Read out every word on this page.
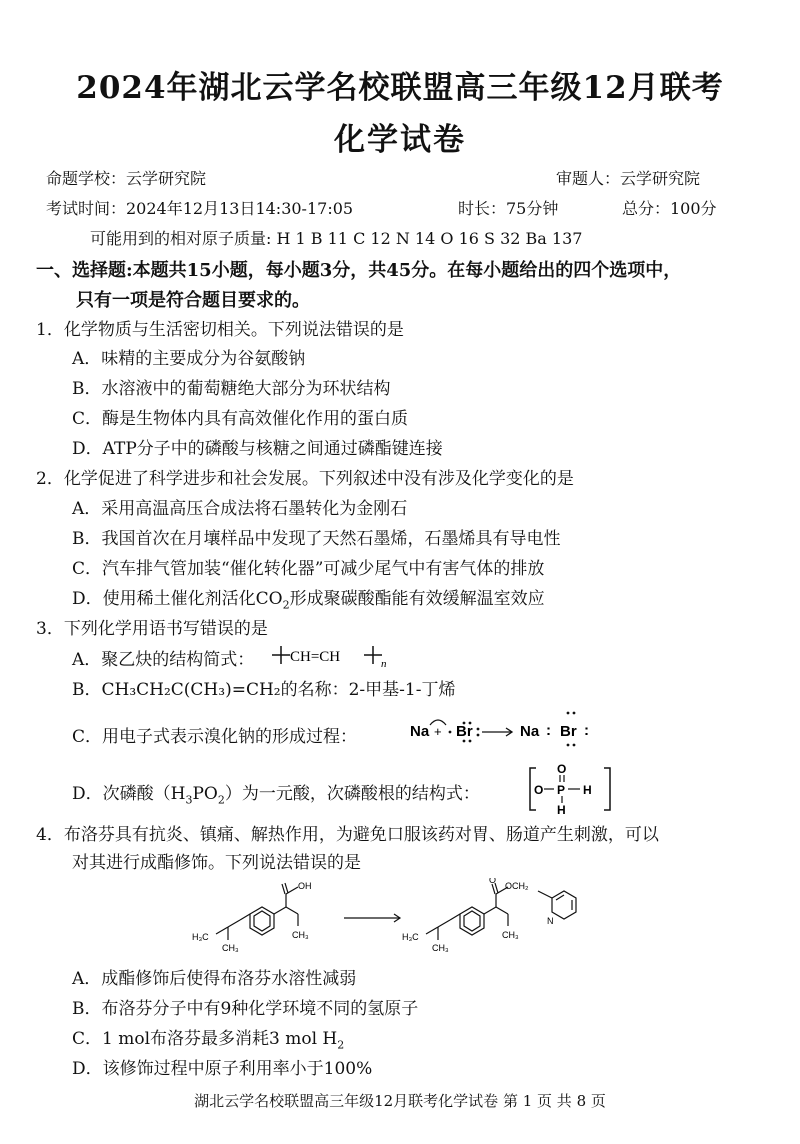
2024年湖北云学名校联盟高三年级12月联考
化学试卷
命题学校：云学研究院	审题人：云学研究院
考试时间：2024年12月13日14:30-17:05	时长：75分钟	总分：100分
可能用到的相对原子质量: H 1 B 11 C 12 N 14 O 16 S 32 Ba 137
一、选择题:本题共15小题，每小题3分，共45分。在每小题给出的四个选项中，
只有一项是符合题目要求的。
1．化学物质与生活密切相关。下列说法错误的是
A．味精的主要成分为谷氨酸钠
B．水溶液中的葡萄糖绝大部分为环状结构
C．酶是生物体内具有高效催化作用的蛋白质
D．ATP分子中的磷酸与核糖之间通过磷酯键连接
2．化学促进了科学进步和社会发展。下列叙述中没有涉及化学变化的是
A．采用高温高压合成法将石墨转化为金刚石
B．我国首次在月壤样品中发现了天然石墨烯，石墨烯具有导电性
C．汽车排气管加装“催化转化器”可减少尾气中有害气体的排放
D．使用稀土催化剂活化$CO_2$形成聚碳酸酯能有效缓解温室效应
3．下列化学用语书写错误的是
A．聚乙炔的结构简式： CH=CH	n
B．CH₃CH₂C(CH₃)=CH₂的名称：2-甲基-1-丁烯
C．用电子式表示溴化钠的形成过程：	Na + Br	Na : Br :
D．次磷酸$(H_3PO_2)$为一元酸，次磷酸根的结构式：	O
O
P H
H
4．布洛芬具有抗炎、镇痛、解热作用，为避免口服该药对胃、肠道产生刺激，可以
对其进行成酯修饰。下列说法错误的是
H₃C
CH₃
CH₃
OH
H₃C
CH₃
CH₃
OCH₂
O
N
A．成酯修饰后使得布洛芬水溶性减弱
B．布洛芬分子中有9种化学环境不同的氢原子
C．1 mol布洛芬最多消耗3 mol $H_2$
D．该修饰过程中原子利用率小于100%
湖北云学名校联盟高三年级12月联考化学试卷 第 1 页 共 8 页
